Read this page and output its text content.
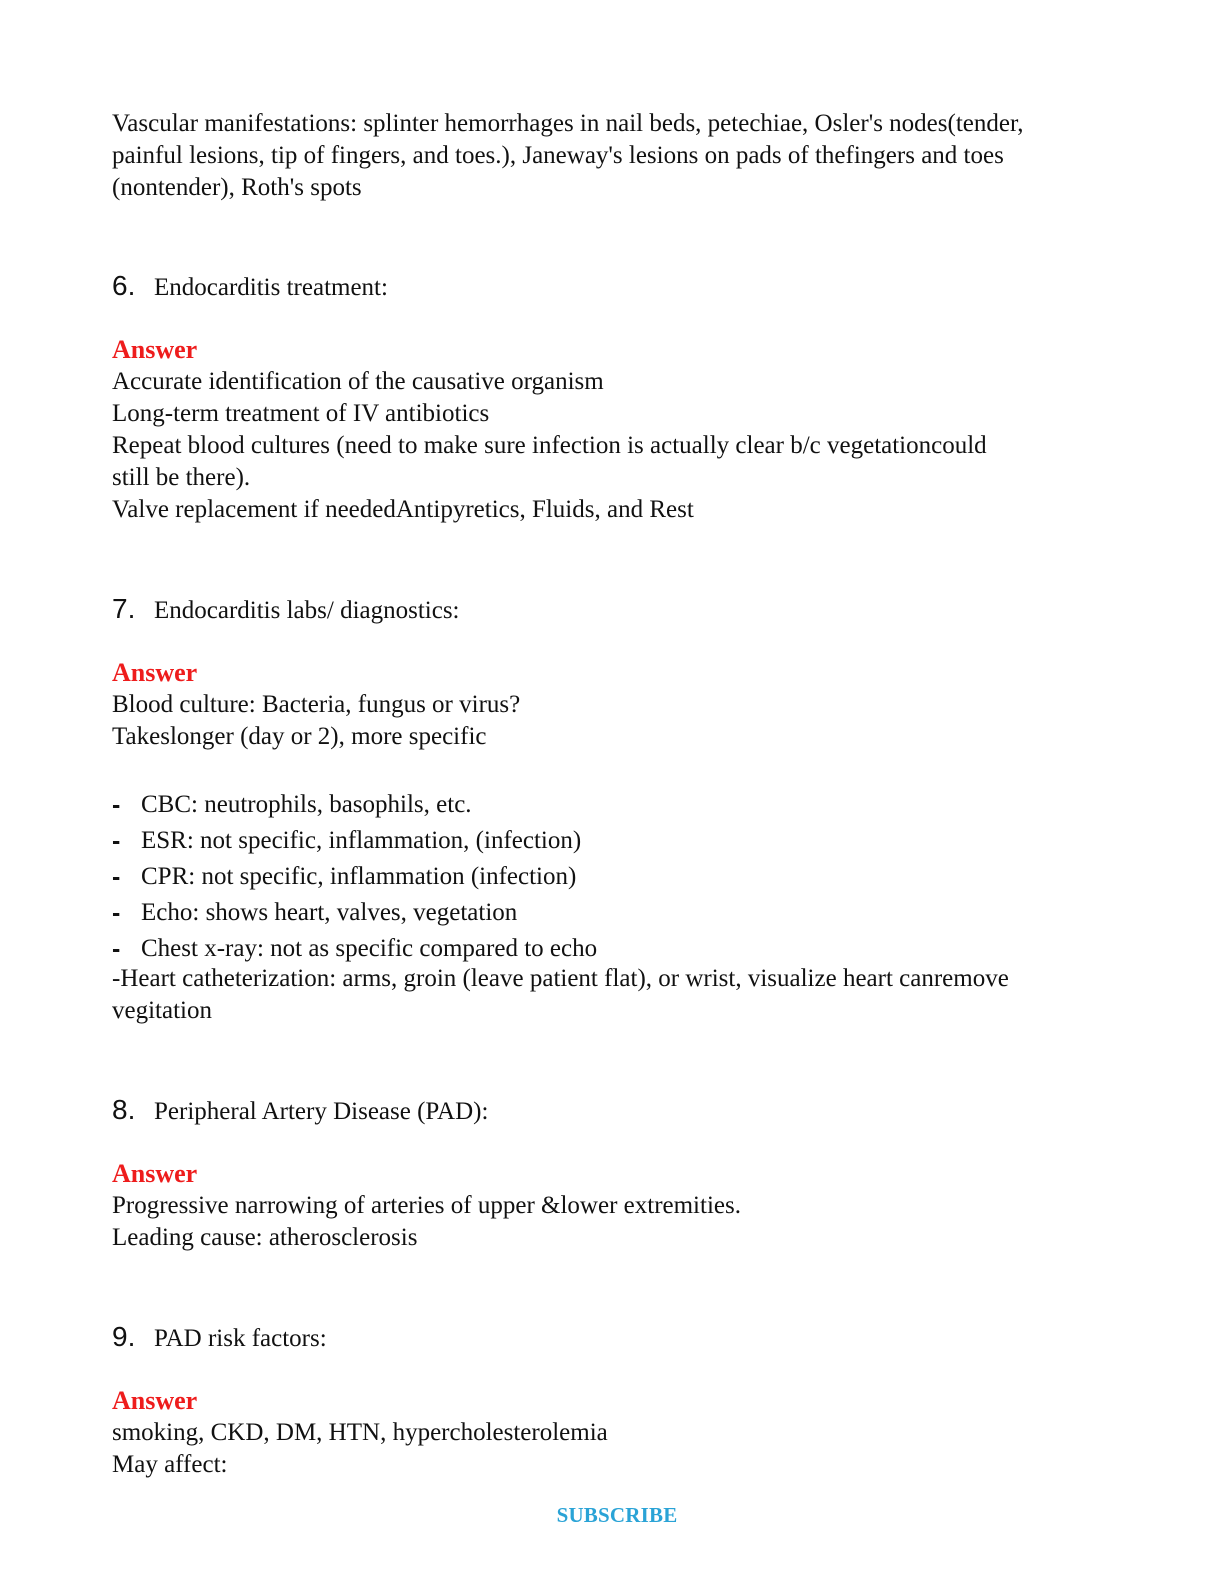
Vascular manifestations: splinter hemorrhages in nail beds, petechiae, Osler's nodes(tender,

painful lesions, tip of fingers, and toes.), Janeway's lesions on pads of thefingers and toes

(nontender), Roth's spots

6. Endocarditis treatment:

Answer

Accurate identification of the causative organism

Long-term treatment of IV antibiotics

Repeat blood cultures (need to make sure infection is actually clear b/c vegetationcould

still be there).

Valve replacement if neededAntipyretics, Fluids, and Rest

7. Endocarditis labs/ diagnostics:

Answer

Blood culture: Bacteria, fungus or virus?

Takeslonger (day or 2), more specific

- CBC: neutrophils, basophils, etc.
- ESR: not specific, inflammation, (infection)
- CPR: not specific, inflammation (infection)
- Echo: shows heart, valves, vegetation
- Chest x-ray: not as specific compared to echo

-Heart catheterization: arms, groin (leave patient flat), or wrist, visualize heart canremove

vegitation

8. Peripheral Artery Disease (PAD):

Answer

Progressive narrowing of arteries of upper &lower extremities.

Leading cause: atherosclerosis

9. PAD risk factors:

Answer

smoking, CKD, DM, HTN, hypercholesterolemia

May affect:

SUBSCRIBE
